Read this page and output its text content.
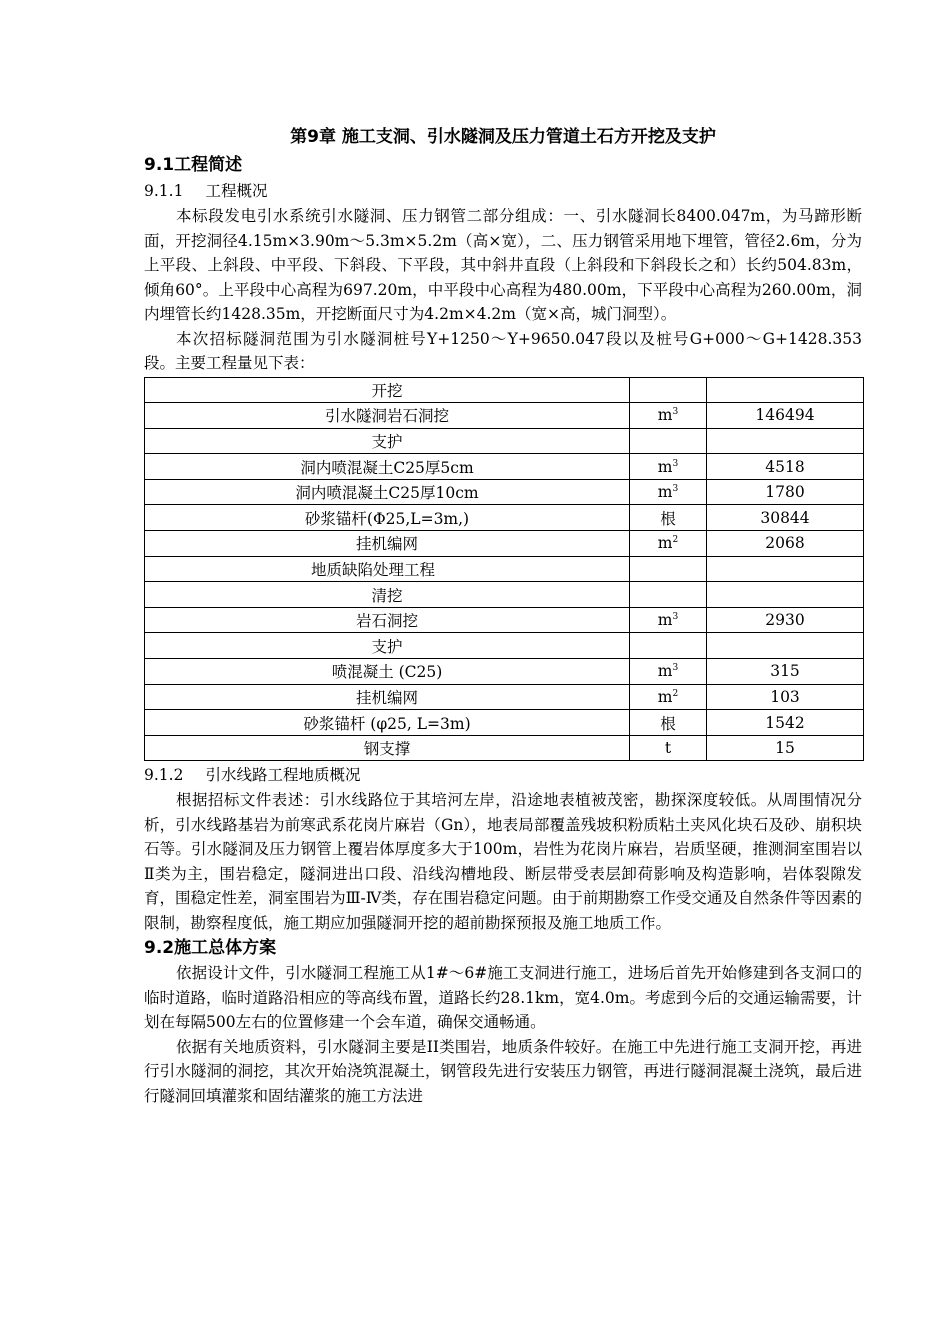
第9章 施工支洞、引水隧洞及压力管道土石方开挖及支护
9.1工程简述
9.1.1 工程概况

本标段发电引水系统引水隧洞、压力钢管二部分组成：一、引水隧洞长8400.047m，为马蹄形断面，开挖洞径4.15m×3.90m～5.3m×5.2m（高×宽），二、压力钢管采用地下埋管，管径2.6m，分为上平段、上斜段、中平段、下斜段、下平段，其中斜井直段（上斜段和下斜段长之和）长约504.83m，倾角60°。上平段中心高程为697.20m，中平段中心高程为480.00m，下平段中心高程为260.00m，洞内埋管长约1428.35m，开挖断面尺寸为4.2m×4.2m（宽×高，城门洞型）。

本次招标隧洞范围为引水隧洞桩号Y+1250～Y+9650.047段以及桩号G+000～G+1428.353段。主要工程量见下表：

开挖		
引水隧洞岩石洞挖	$m^3$	146494
支护		
洞内喷混凝土C25厚5cm	$m^3$	4518
洞内喷混凝土C25厚10cm	$m^3$	1780
砂浆锚杆(Φ25,L=3m,)	根	30844
挂机编网	$m^2$	2068
地质缺陷处理工程		
清挖		
岩石洞挖	$m^3$	2930
支护		
喷混凝土 (C25)	$m^3$	315
挂机编网	$m^2$	103
砂浆锚杆 (φ25, L=3m)	根	1542
钢支撑	t	15
9.1.2 引水线路工程地质概况

根据招标文件表述：引水线路位于其培河左岸，沿途地表植被茂密，勘探深度较低。从周围情况分析，引水线路基岩为前寒武系花岗片麻岩（Gn），地表局部覆盖残坡积粉质粘土夹风化块石及砂、崩积块石等。引水隧洞及压力钢管上覆岩体厚度多大于100m，岩性为花岗片麻岩，岩质坚硬，推测洞室围岩以Ⅱ类为主，围岩稳定，隧洞进出口段、沿线沟槽地段、断层带受表层卸荷影响及构造影响，岩体裂隙发育，围稳定性差，洞室围岩为Ⅲ-Ⅳ类，存在围岩稳定问题。由于前期勘察工作受交通及自然条件等因素的限制，勘察程度低，施工期应加强隧洞开挖的超前勘探预报及施工地质工作。

9.2施工总体方案

依据设计文件，引水隧洞工程施工从1#～6#施工支洞进行施工，进场后首先开始修建到各支洞口的临时道路，临时道路沿相应的等高线布置，道路长约28.1km，宽4.0m。考虑到今后的交通运输需要，计划在每隔500左右的位置修建一个会车道，确保交通畅通。

依据有关地质资料，引水隧洞主要是II类围岩，地质条件较好。在施工中先进行施工支洞开挖，再进行引水隧洞的洞挖，其次开始浇筑混凝土，钢管段先进行安装压力钢管，再进行隧洞混凝土浇筑，最后进行隧洞回填灌浆和固结灌浆的施工方法进
